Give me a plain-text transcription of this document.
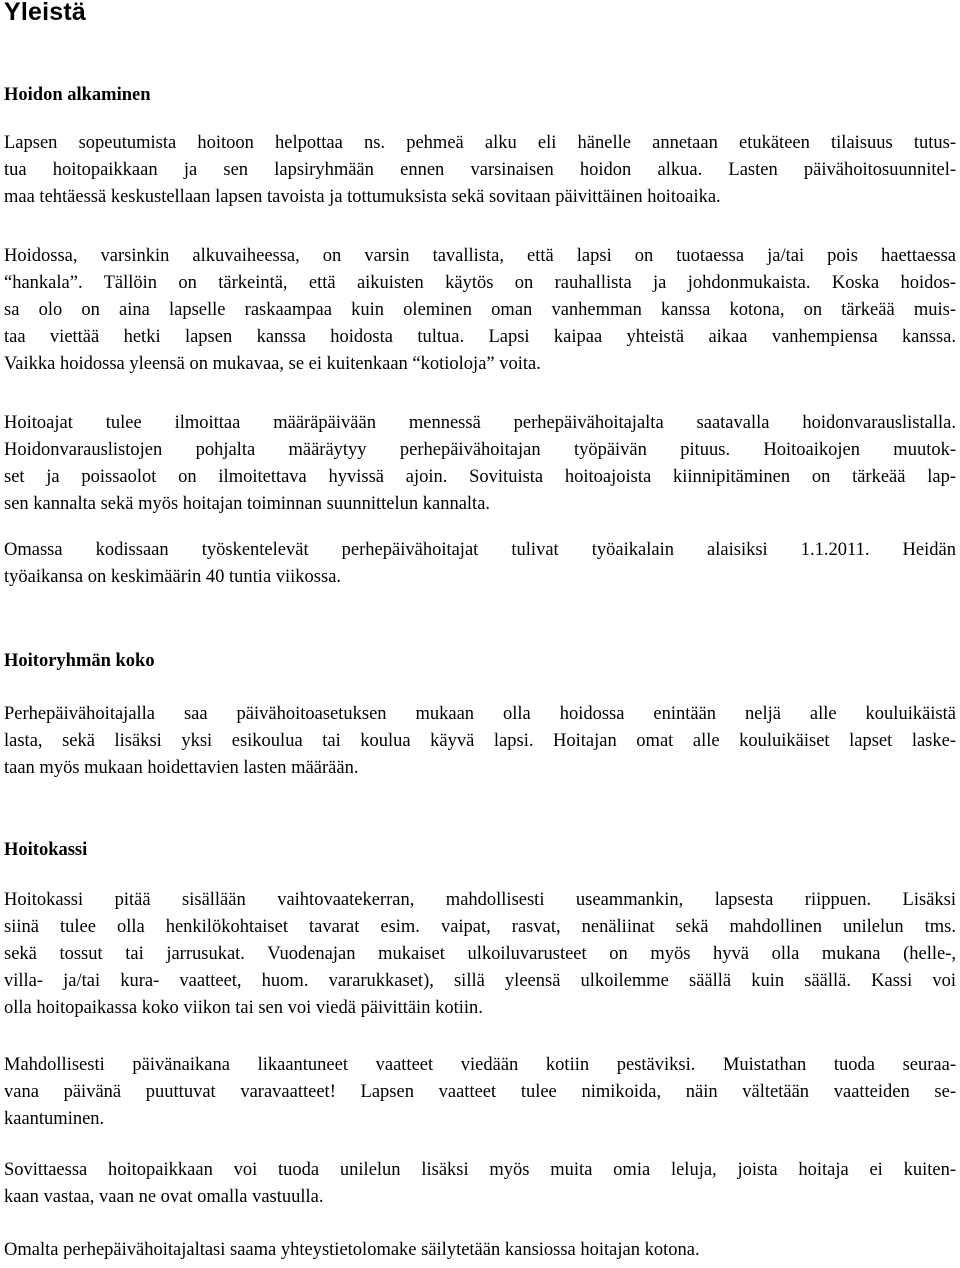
Yleistä
Hoidon alkaminen

Lapsen sopeutumista hoitoon helpottaa ns. pehmeä alku eli hänelle annetaan etukäteen tilaisuus tutus-
tua hoitopaikkaan ja sen lapsiryhmään ennen varsinaisen hoidon alkua. Lasten päivähoitosuunnitel-
maa tehtäessä keskustellaan lapsen tavoista ja tottumuksista sekä sovitaan päivittäinen hoitoaika.

Hoidossa, varsinkin alkuvaiheessa, on varsin tavallista, että lapsi on tuotaessa ja/tai pois haettaessa
“hankala”. Tällöin on tärkeintä, että aikuisten käytös on rauhallista ja johdonmukaista. Koska hoidos-
sa olo on aina lapselle raskaampaa kuin oleminen oman vanhemman kanssa kotona, on tärkeää muis-
taa viettää hetki lapsen kanssa hoidosta tultua. Lapsi kaipaa yhteistä aikaa vanhempiensa kanssa.
Vaikka hoidossa yleensä on mukavaa, se ei kuitenkaan “kotioloja” voita.

Hoitoajat tulee ilmoittaa määräpäivään mennessä perhepäivähoitajalta saatavalla hoidonvarauslistalla.
Hoidonvarauslistojen pohjalta määräytyy perhepäivähoitajan työpäivän pituus. Hoitoaikojen muutok-
set ja poissaolot on ilmoitettava hyvissä ajoin. Sovituista hoitoajoista kiinnipitäminen on tärkeää lap-
sen kannalta sekä myös hoitajan toiminnan suunnittelun kannalta.

Omassa kodissaan työskentelevät perhepäivähoitajat tulivat työaikalain alaisiksi 1.1.2011. Heidän
työaikansa on keskimäärin 40 tuntia viikossa.

Hoitoryhmän koko

Perhepäivähoitajalla saa päivähoitoasetuksen mukaan olla hoidossa enintään neljä alle kouluikäistä
lasta, sekä lisäksi yksi esikoulua tai koulua käyvä lapsi. Hoitajan omat alle kouluikäiset lapset laske-
taan myös mukaan hoidettavien lasten määrään.

Hoitokassi

Hoitokassi pitää sisällään vaihtovaatekerran, mahdollisesti useammankin, lapsesta riippuen. Lisäksi
siinä tulee olla henkilökohtaiset tavarat esim. vaipat, rasvat, nenäliinat sekä mahdollinen unilelun tms.
sekä tossut tai jarrusukat. Vuodenajan mukaiset ulkoiluvarusteet on myös hyvä olla mukana (helle-,
villa- ja/tai kura- vaatteet, huom. vararukkaset), sillä yleensä ulkoilemme säällä kuin säällä. Kassi voi
olla hoitopaikassa koko viikon tai sen voi viedä päivittäin kotiin.

Mahdollisesti päivänaikana likaantuneet vaatteet viedään kotiin pestäviksi. Muistathan tuoda seuraa-
vana päivänä puuttuvat varavaatteet! Lapsen vaatteet tulee nimikoida, näin vältetään vaatteiden se-
kaantuminen.

Sovittaessa hoitopaikkaan voi tuoda unilelun lisäksi myös muita omia leluja, joista hoitaja ei kuiten-
kaan vastaa, vaan ne ovat omalla vastuulla.

Omalta perhepäivähoitajaltasi saama yhteystietolomake säilytetään kansiossa hoitajan kotona.
